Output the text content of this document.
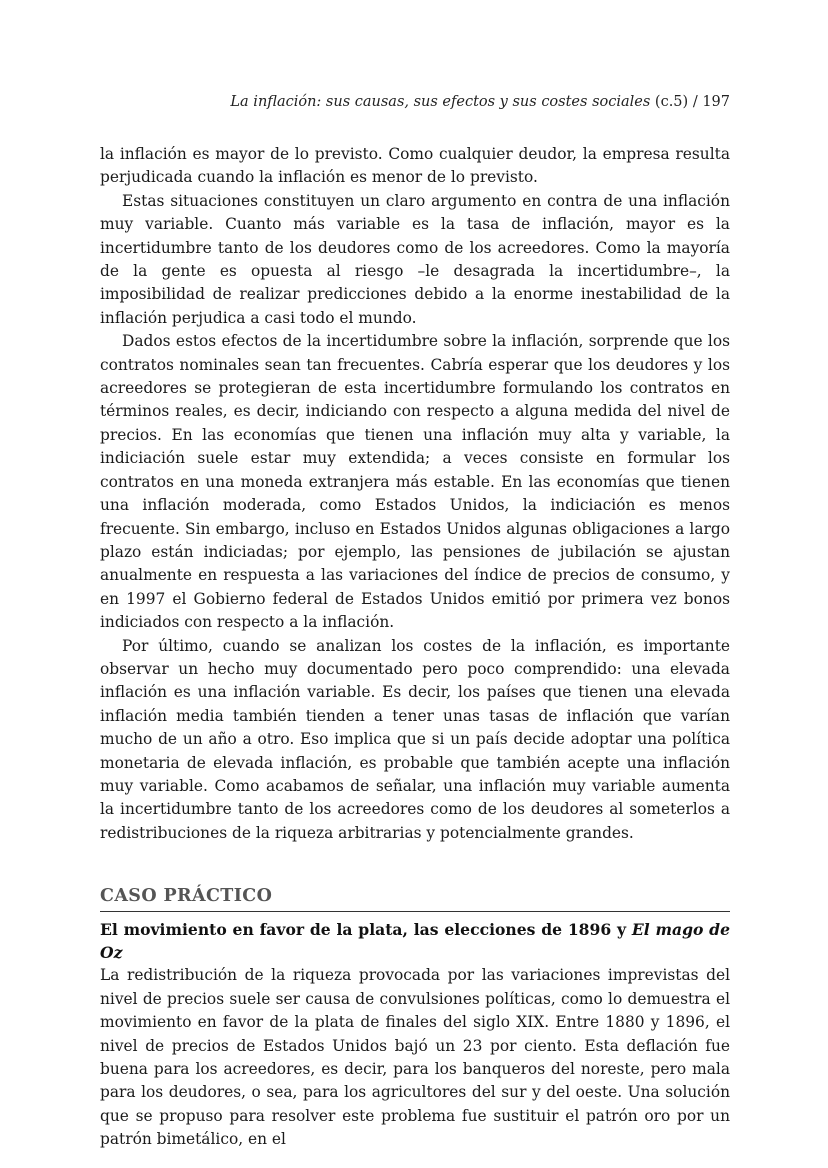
La inflación: sus causas, sus efectos y sus costes sociales (c.5) / 197

la inflación es mayor de lo previsto. Como cualquier deudor, la empresa resulta perjudicada cuando la inflación es menor de lo previsto.

Estas situaciones constituyen un claro argumento en contra de una inflación muy variable. Cuanto más variable es la tasa de inflación, mayor es la incertidumbre tanto de los deudores como de los acreedores. Como la mayoría de la gente es opuesta al riesgo –le desagrada la incertidumbre–, la imposibilidad de realizar predicciones debido a la enorme inestabilidad de la inflación perjudica a casi todo el mundo.

Dados estos efectos de la incertidumbre sobre la inflación, sorprende que los contratos nominales sean tan frecuentes. Cabría esperar que los deudores y los acreedores se protegieran de esta incertidumbre formulando los contratos en términos reales, es decir, indiciando con respecto a alguna medida del nivel de precios. En las economías que tienen una inflación muy alta y variable, la indiciación suele estar muy extendida; a veces consiste en formular los contratos en una moneda extranjera más estable. En las economías que tienen una inflación moderada, como Estados Unidos, la indiciación es menos frecuente. Sin embargo, incluso en Estados Unidos algunas obligaciones a largo plazo están indiciadas; por ejemplo, las pensiones de jubilación se ajustan anualmente en respuesta a las variaciones del índice de precios de consumo, y en 1997 el Gobierno federal de Estados Unidos emitió por primera vez bonos indiciados con respecto a la inflación.

Por último, cuando se analizan los costes de la inflación, es importante observar un hecho muy documentado pero poco comprendido: una elevada inflación es una inflación variable. Es decir, los países que tienen una elevada inflación media también tienden a tener unas tasas de inflación que varían mucho de un año a otro. Eso implica que si un país decide adoptar una política monetaria de elevada inflación, es probable que también acepte una inflación muy variable. Como acabamos de señalar, una inflación muy variable aumenta la incertidumbre tanto de los acreedores como de los deudores al someterlos a redistribuciones de la riqueza arbitrarias y potencialmente grandes.

CASO PRÁCTICO
El movimiento en favor de la plata, las elecciones de 1896 y El mago de Oz

La redistribución de la riqueza provocada por las variaciones imprevistas del nivel de precios suele ser causa de convulsiones políticas, como lo demuestra el movimiento en favor de la plata de finales del siglo XIX. Entre 1880 y 1896, el nivel de precios de Estados Unidos bajó un 23 por ciento. Esta deflación fue buena para los acreedores, es decir, para los banqueros del noreste, pero mala para los deudores, o sea, para los agricultores del sur y del oeste. Una solución que se propuso para resolver este problema fue sustituir el patrón oro por un patrón bimetálico, en el
